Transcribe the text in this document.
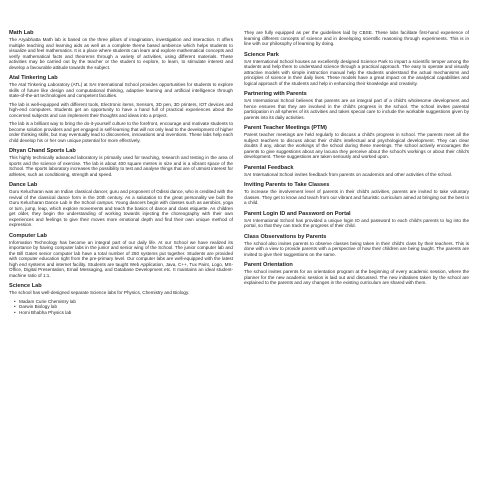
Math Lab
The Aryabhatta Math lab is based on the three pillars of imagination, investigation and interaction. It offers multiple teaching and learning aids as well as a complete theme based ambience which helps students to visualize and feel mathematics. It is a place where students can learn and explore mathematical concepts and verify mathematical facts and theorems through a variety of activities, using different materials. These activities may be carried out by the teacher or the student to explore, to learn, to stimulate interest and develop a favourable attitude towards the subject.
Atal Tinkering Lab
The Atal Tinkering Laboratory (ATL) at SAI International School provides opportunities for students to explore skills of future like design and computational thinking, adaptive learning and artificial intelligence through state-of-the-art technologies and competent faculties.
The lab is well-equipped with different tools, Electronic items, Sensors, 3D pen, 3D printers, IOT devices and high-end computers. Students get an opportunity to have a hand full of practical experiences about the concerned subjects and can implement their thoughts and ideas into a project.
The lab is a brilliant way to bring the do-it-yourself culture to the forefront, encourage and motivate students to become solution providers and get engaged in self-learning that will not only lead to the development of higher order thinking skills, but may eventually lead to discoveries, innovations and inventions. These labs help each child develop his or her own unique potential for more effectively.
Dhyan Chand Sports Lab
This highly technically advanced laboratory is primarily used for teaching, research and testing in the area of sports and the science of exercise. The lab is about 400 square metres in size and is a vibrant space of the School. The sports laboratory increases the possibility to test and analyse things that are of utmost interest for athletes, such as conditioning, strength and speed.
Dance Lab
Guru Kelucharan was an Indian classical dancer, guru and proponent of Odissi dance, who is credited with the revival of the classical dance form in the 20th century. As a salutation to the great personality we built the Guru Kelucharan Dance Lab in the School campus. Young dancers begin with classes such as aerobics, yoga or turn, jump, leap, which explore movements and teach the basics of dance and class etiquette. As children get older, they begin the understanding of working towards injecting the choreography with their own experiences and feelings to give their moves more emotional depth and find their own unique method of expression.
Computer Lab
Information Technology has become an integral part of our daily life. At our School we have realized its importance by having computer labs in the junior and senior wing of the School. The junior computer lab and the Bill Gates senior computer lab have a total number of 250 systems put together. Students are provided with computer education right from the pre-primary level. Our computer labs are well-equipped with the latest high end systems and internet facility. Students are taught Web Application, Java, C++, Tux Paint, Logo, MS-Office, Digital Presentation, Email Messaging, and Database Development etc. It maintains an ideal student-machine ratio of 1:1.
Science Lab
The school has well-designed separate Science labs for Physics, Chemistry and Biology.
• Madam Curie Chemistry lab
• Darwin Biology lab
• Homi Bhabha Physics lab
They are fully equipped as per the guidelines laid by CBSE. These labs facilitate first-hand experience of learning different concepts of science and in developing scientific reasoning through experiments. This is in line with our philosophy of learning by doing.
Science Park
SAI International School houses an excellently designed Science Park to impart a scientific temper among the students and help them to understand science through a practical approach. The easy to operate and visually attractive models with simple instruction manual help the students understand the actual mechanisms and principles of science in their daily lives. These models have a great impact on the analytical capabilities and logical approach of the students and help in enhancing their knowledge and creativity.
Partnering with Parents
SAI International School believes that parents are an integral part of a child's wholesome development and hence ensures that they are involved in the child's progress in the school. The school invites parental participation in all spheres of its activities and takes special care to include the workable suggestions given by parents into its daily activities.
Parent Teacher Meetings (PTM)
Parent teacher meetings are held regularly to discuss a child's progress in school. The parents meet all the subject teachers to discuss about their child's intellectual and psychological development. They can clear doubts if any, about the workings of the school during these meetings. The school actively encourages the parents to give suggestions about any lacuna they perceive about the school's workings or about their child's development. These suggestions are taken seriously and worked upon.
Parental Feedback
SAI International School invites feedback from parents on academics and other activities of the school.
Inviting Parents to Take Classes
To increase the involvement level of parents in their child's activities, parents are invited to take voluntary classes. They get to know and teach from our vibrant and futuristic curriculum aimed at bringing out the best in a child.
Parent Login ID and Password on Portal
SAI International School has provided a unique login ID and password to each child's parents to log into the portal, so that they can track the progress of their child.
Class Observations by Parents
The school also invites parents to observe classes being taken in their child's class by their teachers. This is done with a view to provide parents with a perspective of how their children are being taught. The parents are invited to give their suggestions on the same.
Parent Orientation
The school invites parents for an orientation program at the beginning of every academic session, where the planner for the new academic session is laid out and discussed. The new initiatives taken by the school are explained to the parents and any changes in the existing curriculum are shared with them.
